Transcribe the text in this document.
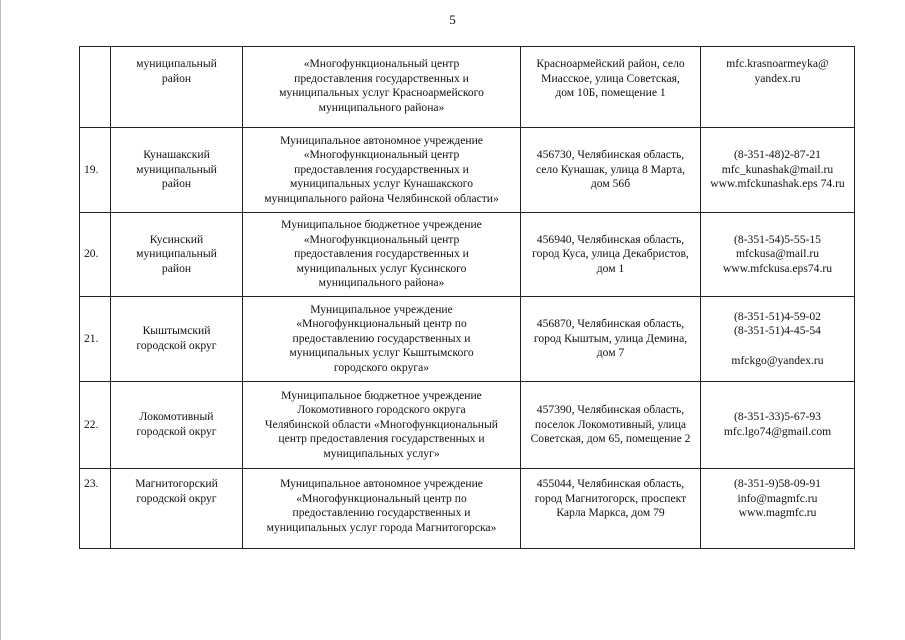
5
	муниципальный
район	«Многофункциональный центр
предоставления государственных и
муниципальных услуг Красноармейского
муниципального района»	Красноармейский район, село
Миасское, улица Советская,
дом 10Б, помещение 1	mfc.krasnoarmeyka@
yandex.ru
19.	Кунашакский
муниципальный
район	Муниципальное автономное учреждение
«Многофункциональный центр
предоставления государственных и
муниципальных услуг Кунашакского
муниципального района Челябинской области»	456730, Челябинская область,
село Кунашак, улица 8 Марта,
дом 56б	(8-351-48)2-87-21
mfc_kunashak@mail.ru
www.mfckunashak.eps 74.ru
20.	Кусинский
муниципальный
район	Муниципальное бюджетное учреждение
«Многофункциональный центр
предоставления государственных и
муниципальных услуг Кусинского
муниципального района»	456940, Челябинская область,
город Куса, улица Декабристов,
дом 1	(8-351-54)5-55-15
mfckusa@mail.ru
www.mfckusa.eps74.ru
21.	Кыштымский
городской округ	Муниципальное учреждение
«Многофункциональный центр по
предоставлению государственных и
муниципальных услуг Кыштымского
городского округа»	456870, Челябинская область,
город Кыштым, улица Демина,
дом 7	(8-351-51)4-59-02
(8-351-51)4-45-54

mfckgo@yandex.ru
22.	Локомотивный
городской округ	Муниципальное бюджетное учреждение
Локомотивного городского округа
Челябинской области «Многофункциональный
центр предоставления государственных и
муниципальных услуг»	457390, Челябинская область,
поселок Локомотивный, улица
Советская, дом 65, помещение 2	(8-351-33)5-67-93
mfc.lgo74@gmail.com
23.	Магнитогорский
городской округ	Муниципальное автономное учреждение
«Многофункциональный центр по
предоставлению государственных и
муниципальных услуг города Магнитогорска»	455044, Челябинская область,
город Магнитогорск, проспект
Карла Маркса, дом 79	(8-351-9)58-09-91
info@magmfc.ru
www.magmfc.ru
